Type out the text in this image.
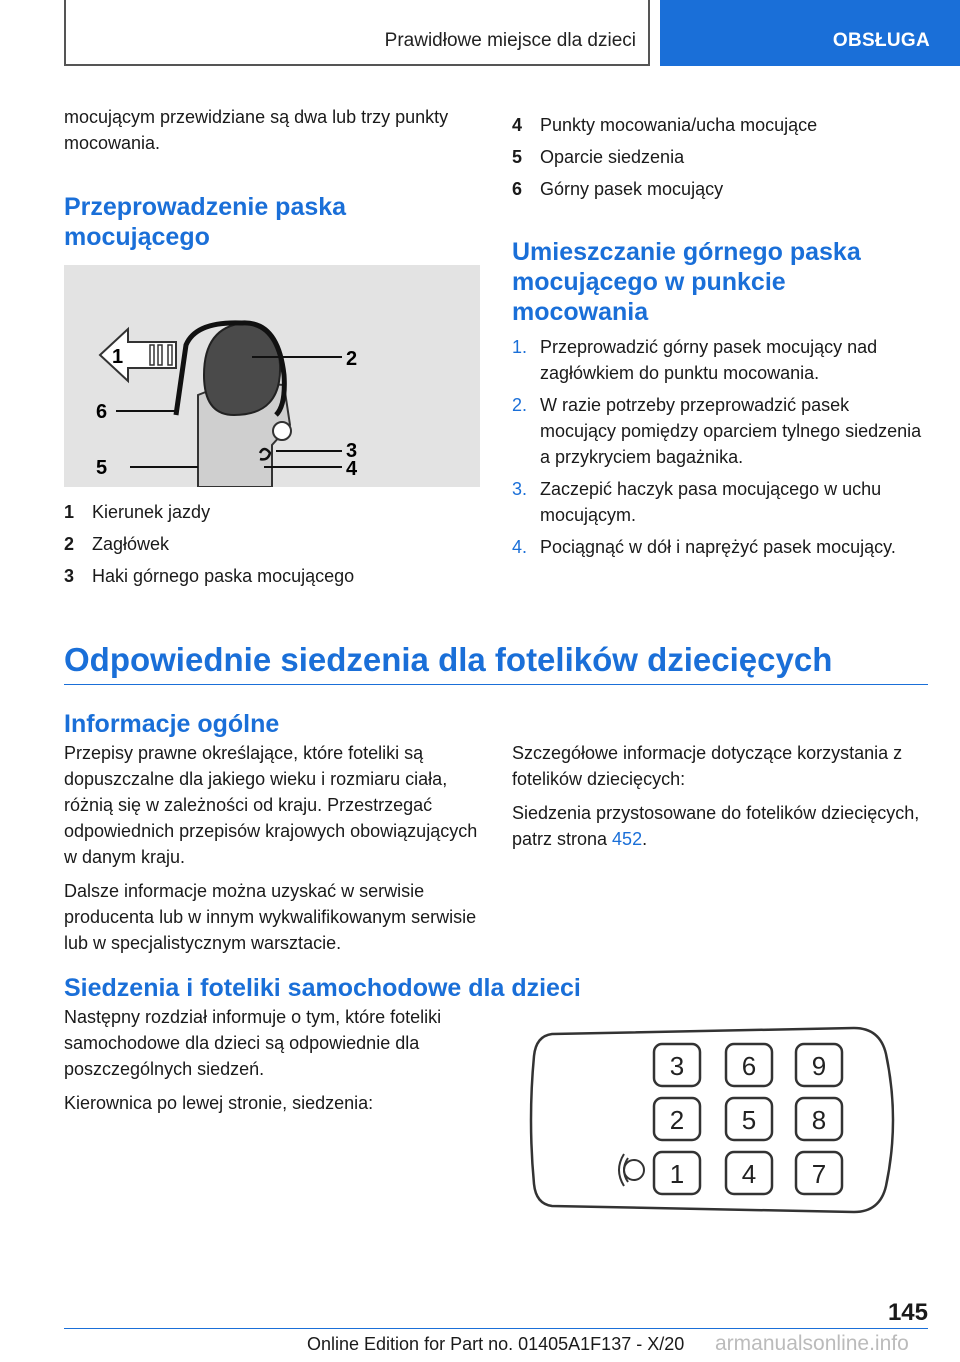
Prawidłowe miejsce dla dzieci	OBSŁUGA

mocującym przewidziane są dwa lub trzy punkty mocowania.

Przeprowadzenie paska
mocującego
1	2
6
3
5	4
1 Kierunek jazdy
2 Zagłówek
3 Haki górnego paska mocującego
4 Punkty mocowania/ucha mocujące
5 Oparcie siedzenia
6 Górny pasek mocujący
Umieszczanie górnego paska
mocującego w punkcie
mocowania
1. Przeprowadzić górny pasek mocujący nad zagłówkiem do punktu mocowania.
2. W razie potrzeby przeprowadzić pasek mocujący pomiędzy oparciem tylnego siedzenia a przykryciem bagażnika.
3. Zaczepić haczyk pasa mocującego w uchu mocującym.
4. Pociągnąć w dół i naprężyć pasek mocujący.
Odpowiednie siedzenia dla fotelików dziecięcych
Informacje ogólne

Przepisy prawne określające, które foteliki są dopuszczalne dla jakiego wieku i rozmiaru ciała, różnią się w zależności od kraju. Przestrzegać odpowiednich przepisów krajowych obowiązujących w danym kraju.

Dalsze informacje można uzyskać w serwisie producenta lub w innym wykwalifikowanym serwisie lub w specjalistycznym warsztacie.

Szczegółowe informacje dotyczące korzystania z fotelików dziecięcych:

Siedzenia przystosowane do fotelików dziecięcych, patrz strona 452.

Siedzenia i foteliki samochodowe dla dzieci

Następny rozdział informuje o tym, które foteliki samochodowe dla dzieci są odpowiednie dla poszczególnych siedzeń.

Kierownica po lewej stronie, siedzenia:

3 6 9
2 5 8
1 4 7
145
Online Edition for Part no. 01405A1F137 - X/20 armanualsonline.info
